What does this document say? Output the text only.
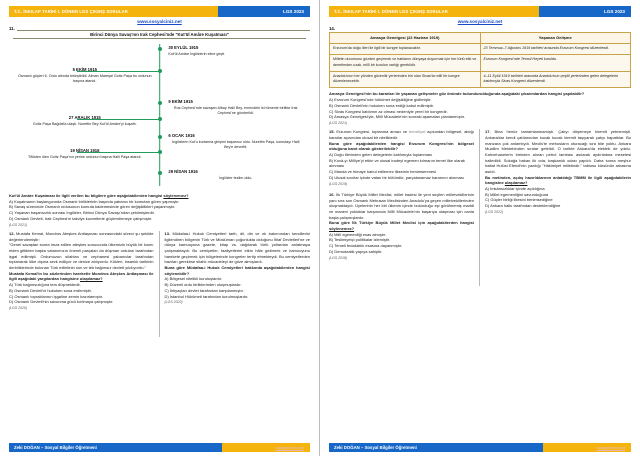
T.C. İNKILAP TARİHİ I. DÖNEM LGS ÇIKMIŞ SORULAR	LGS 2023
www.sosyalciniz.net
11.
Birinci Dünya Savaş'nın Irak Cephesi'nde "Kut'ül Amâre Kuşatması"
30 EYLÜL 1915
Kut'ül Amâre İngilizlerin eline geçti.
5 EKİM 1915
Osmanlı güçleri 6. Ordu altında birleştirildi. Alman Mareşal Goltz Paşa bu ordunun başına atandı.
9 EKİM 1915
Rus Cephesi'nde savaşan Albay Halil Bey, emrindeki iki tümenle birlikte Irak Cephesi'ne gönderildi.
27 ARALIK 1915
Goltz Paşa Bağdat'a ulaştı. Nurettin Bey Kut'ül Amâre'yi kuşattı.
6 OCAK 1916
İngilizlerin Kut'u kurtarma girişimi başarısız oldu. Nurettin Paşa, komutayı Halil Bey'e devretti.
19 NİSAN 1916
Tifüsten ölen Goltz Paşa'nın yerine ordunun başına Halil Paşa atandı.
29 NİSAN 1916
İngilizler teslim oldu.

Kut'ül Amâre Kuşatması ile ilgili verilen bu bilgilere göre aşağıdakilerden hangisi söylenemez?

A) Kuşatmanın başlangıcında Osmanlı birliklerinin başında yabancı bir komutan görev yapmıştır.

B) Savaş sürecinde Osmanlı ordusunun komuta kademesinde görev değişiklikleri yaşanmıştır.

C) Yaşanan başarısızlık sonrası İngilizler, Birinci Dünya Savaşı'ndan çekilmişlerdir.

D) Osmanlı Devleti, Irak Cephesi'ni takviye kuvvetlerle güçlendirmeye çalışmıştır.

(LGS 2021)

12. Mustafa Kemal, Mondros Ateşkes Antlaşması sonrasındaki süreci şu şekilde değerlendirmiştir:

"Genel savaştan sonra imza edilen ateşkes sonucunda ülkemizin büyük bir kısmı elden gittikten başka vatanımızın önemli parçaları da düşman orduları tarafından işgal edilmişti. Ordumuzun silahları ve cephanesi yabancılar tarafından toplanarak ülke dışına sevk ediliyor ve denize atılıyordu. Kökleri, insanlık tarihinin derinliklerinde bulunan Türk milletinin son ve tek bağımsız devleti yıkılıyordu."

Mustafa Kemal'in bu sözlerinden hareketle Mondros Ateşkes Antlaşması ile ilgili aşağıdaki yargılardan hangisine ulaşılamaz?

A) Türk bağımsızlığına ters düşmektedir.

B) Osmanlı Devleti'ni hukuken sona erdirmiştir.

C) Osmanlı topraklarının işgaline zemin hazırlamıştır.

D) Osmanlı Devleti'nin savunma gücü kırılmaya çalışmıştır.

(LGS 2020)

13. Müdafaa-i Hukuk Cemiyetleri tarih, dil, din ve ırk bakımından kendilerini ilgilendiren bölgenin Türk ve Müslüman çoğunlukta olduğunu İtilaf Devletleri'ne ve dünya kamuoyuna gazete, kitap vs. dağıtarak türlü yollardan anlatmaya çalışmaktaydı. Bu cemiyetler, faaliyetlerini etkin hâle getirmek ve kamuoyunu harekete geçirmek için bölgelerinde kongreler tertip etmekteydi. Bu cemiyetlerden bazıları gerekirse silahlı mücadeleyi de göze almışlardı.

Buna göre Müdafaa-i Hukuk Cemiyetleri hakkında aşağıdakilerden hangisi söylenebilir?

A) Bölgesel nitelikli kuruluşlardır.

B) Düzenli ordu birliklerinden oluşmuşlardır.

C) İhtiyaçları devlet tarafından karşılanmıştır.

D) İstanbul Hükûmeti tarafından kurulmuşlardır.

(LGS 2020)

Zeki DOĞAN – Sosyal Bilgiler Öğretmeni	sosyalciniz.net
T.C. İNKILAP TARİHİ I. DÖNEM LGS ÇIKMIŞ SORULAR	LGS 2023
www.sosyalciniz.net
14.
Amasya Genelgesi (22 Haziran 1919)	Yaşanan Gelişme
Erzurum'da doğu illeri ile ilgili bir kongre toplanacaktır.	23 Temmuz–7 Ağustos 1919 tarihleri arasında Erzurum Kongresi düzenlendi.
Milletin durumunu gözden geçirmek ve haklarını dünyaya duyurmak için her türlü etki ve denetimden uzak, millî bir kurulun varlığı gereklidir.	Erzurum Kongresi'nde Temsil Heyeti kuruldu.
Anadolu'nun her yönden güvenilir yerlerinden biri olan Sivas'ta millî bir kongre düzenlenecektir.	4–11 Eylül 1919 tarihleri arasında Anadolu'nun çeşitli yerlerinden gelen delegelerin katılımıyla Sivas Kongresi düzenlendi.

Amasya Genelgesi'nin bu kararları ile yaşanan gelişmeler göz önünde bulundurulduğunda aşağıdaki çıkarımlardan hangisi yapılabilir?

A) Erzurum Kongresi'nde hükûmet değişikliğine gidilmiştir.

B) Osmanlı Devleti'nin hukuken sona erdiği kabul edilmiştir.

C) Sivas Kongresi katılımın az olması nedeniyle yerel bir kongredir.

D) Amasya Genelgesi'yle, Millî Mücadele'nin sonraki aşamaları planlanmıştır.

(LGS 2021)

15. Erzurum Kongresi, toplanma amacı ve temsiliyet açısından bölgesel, aldığı kararlar açısından ulusal bir niteliktedir.

Buna göre aşağıdakilerden hangisi Erzurum Kongresi'nin bölgesel olduğuna kanıt olarak gösterilebilir?

A) Doğu illerinden gelen delegelerin katılımıyla toplanması

B) Kuvâ-yı Millîye'yi etkin ve ulusal iradeyi egemen kılmanın temel ilke olarak alınması

C) Manda ve himaye kabul edilemez ilkesinin benimsenmesi

D) Ulusal sınırlar içinde vatan bir bütündür, parçalanamaz kararının alınması

(LGS 2019)

16. İlk Türkiye Büyük Millet Meclisi, millet iradesi ile yeni seçilen milletvekillerinin yanı sıra son Osmanlı Mebusan Meclisinden Anadolu'ya geçen milletvekillerinden oluşmaktaydı. Üyelerinin her biri ülkenin içinde bulunduğu eşi görülmemiş maddi ve manevi yokluklar karşısında Millî Mücadele'nin başarıya ulaşması için canla başla çalışmışlardır.

Buna göre İlk Türkiye Büyük Millet Meclisi için aşağıdakilerden hangisi söylenemez?

A) Millî egemenliği esas almıştır.

B) Teslimiyetçi politikalar izlemiştir.

C) Temeli fedakârlık esasına dayanmıştır.

D) Demokratik yapıya sahiptir.

(LGS 2018)

17. Bina henüz tamamlanmamıştı. Çatıyı döşemeye kiremit yetmemişti. Ankaralılar kendi çatılarından kucak kucak kiremit taşıyarak çatıyı kapattılar. Bu manzara çok anlamlıydı. Meclis'te mebusların oturacağı sıra bile yoktu. Ankara Muallim Mektebinden sıralar getirildi. O tarihte Ankara'da elektrik de yoktu. Kahvehanelerin birinden alınan petrol lambası asılarak aydınlatma meselesi halledildi. Sokağa bakan ilk oda, başkanlık odası yapıldı. Daha sonra meşhur hattat Hulûsi Efendi'nin yazdığı "Hâkimiyet milletindir." tablosu kürsünün arkasına asıldı.

Bu metinden, açılış hazırlıklarının anlatıldığı TBMM ile ilgili aşağıdakilerin hangisine ulaşılamaz?

A) İmkânsızlıklar içinde açıldığına

B) Millet egemenliğini savunduğuna

C) Güçler birliği ilkesini benimsediğine

D) Ankara halkı tarafından desteklendiğine

(LGS 2022)

Zeki DOĞAN – Sosyal Bilgiler Öğretmeni	sosyalciniz.net
